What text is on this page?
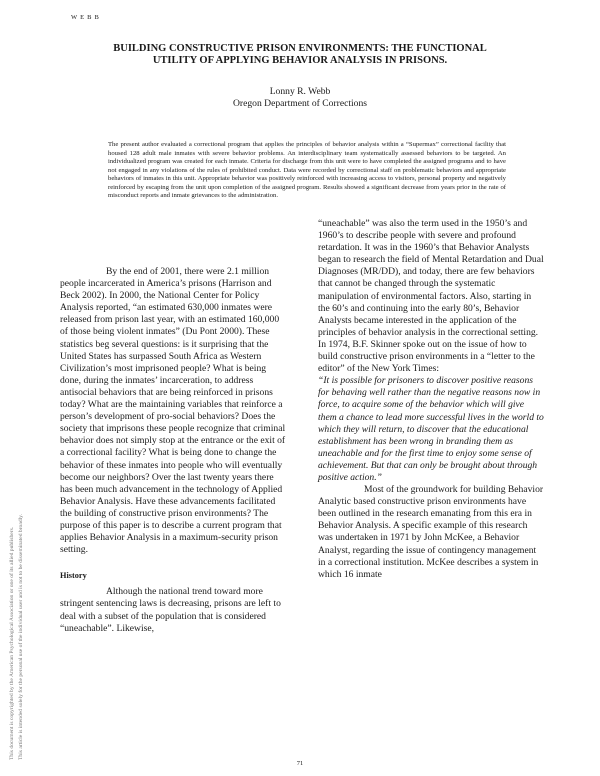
WEBB
BUILDING CONSTRUCTIVE PRISON ENVIRONMENTS: THE FUNCTIONAL UTILITY OF APPLYING BEHAVIOR ANALYSIS IN PRISONS.
Lonny R. Webb
Oregon Department of Corrections

The present author evaluated a correctional program that applies the principles of behavior analysis within a “Supermax” correctional facility that housed 128 adult male inmates with severe behavior problems. An interdisciplinary team systematically assessed behaviors to be targeted. An individualized program was created for each inmate. Criteria for discharge from this unit were to have completed the assigned programs and to have not engaged in any violations of the rules of prohibited conduct. Data were recorded by correctional staff on problematic behaviors and appropriate behaviors of inmates in this unit. Appropriate behavior was positively reinforced with increasing access to visitors, personal property and negatively reinforced by escaping from the unit upon completion of the assigned program. Results showed a significant decrease from years prior in the rate of misconduct reports and inmate grievances to the administration.

This document is copyrighted by the American Psychological Association or one of its allied publishers. This article is intended solely for the personal use of the individual user and is not to be disseminated broadly.

By the end of 2001, there were 2.1 million people incarcerated in America’s prisons (Harrison and Beck 2002). In 2000, the National Center for Policy Analysis reported, “an estimated 630,000 inmates were released from prison last year, with an estimated 160,000 of those being violent inmates” (Du Pont 2000). These statistics beg several questions: is it surprising that the United States has surpassed South Africa as Western Civilization’s most imprisoned people? What is being done, during the inmates’ incarceration, to address antisocial behaviors that are being reinforced in prisons today? What are the maintaining variables that reinforce a person’s development of pro-social behaviors? Does the society that imprisons these people recognize that criminal behavior does not simply stop at the entrance or the exit of a correctional facility? What is being done to change the behavior of these inmates into people who will eventually become our neighbors? Over the last twenty years there has been much advancement in the technology of Applied Behavior Analysis. Have these advancements facilitated the building of constructive prison environments? The purpose of this paper is to describe a current program that applies Behavior Analysis in a maximum-security prison setting.

History

Although the national trend toward more stringent sentencing laws is decreasing, prisons are left to deal with a subset of the population that is considered “uneachable”. Likewise,

“uneachable” was also the term used in the 1950’s and 1960’s to describe people with severe and profound retardation. It was in the 1960’s that Behavior Analysts began to research the field of Mental Retardation and Dual Diagnoses (MR/DD), and today, there are few behaviors that cannot be changed through the systematic manipulation of environmental factors. Also, starting in the 60’s and continuing into the early 80’s, Behavior Analysts became interested in the application of the principles of behavior analysis in the correctional setting. In 1974, B.F. Skinner spoke out on the issue of how to build constructive prison environments in a “letter to the editor” of the New York Times:

“It is possible for prisoners to discover positive reasons for behaving well rather than the negative reasons now in force, to acquire some of the behavior which will give them a chance to lead more successful lives in the world to which they will return, to discover that the educational establishment has been wrong in branding them as uneachable and for the first time to enjoy some sense of achievement. But that can only be brought about through positive action.”

Most of the groundwork for building Behavior Analytic based constructive prison environments have been outlined in the research emanating from this era in Behavior Analysis. A specific example of this research was undertaken in 1971 by John McKee, a Behavior Analyst, regarding the issue of contingency management in a correctional institution. McKee describes a system in which 16 inmate

71
